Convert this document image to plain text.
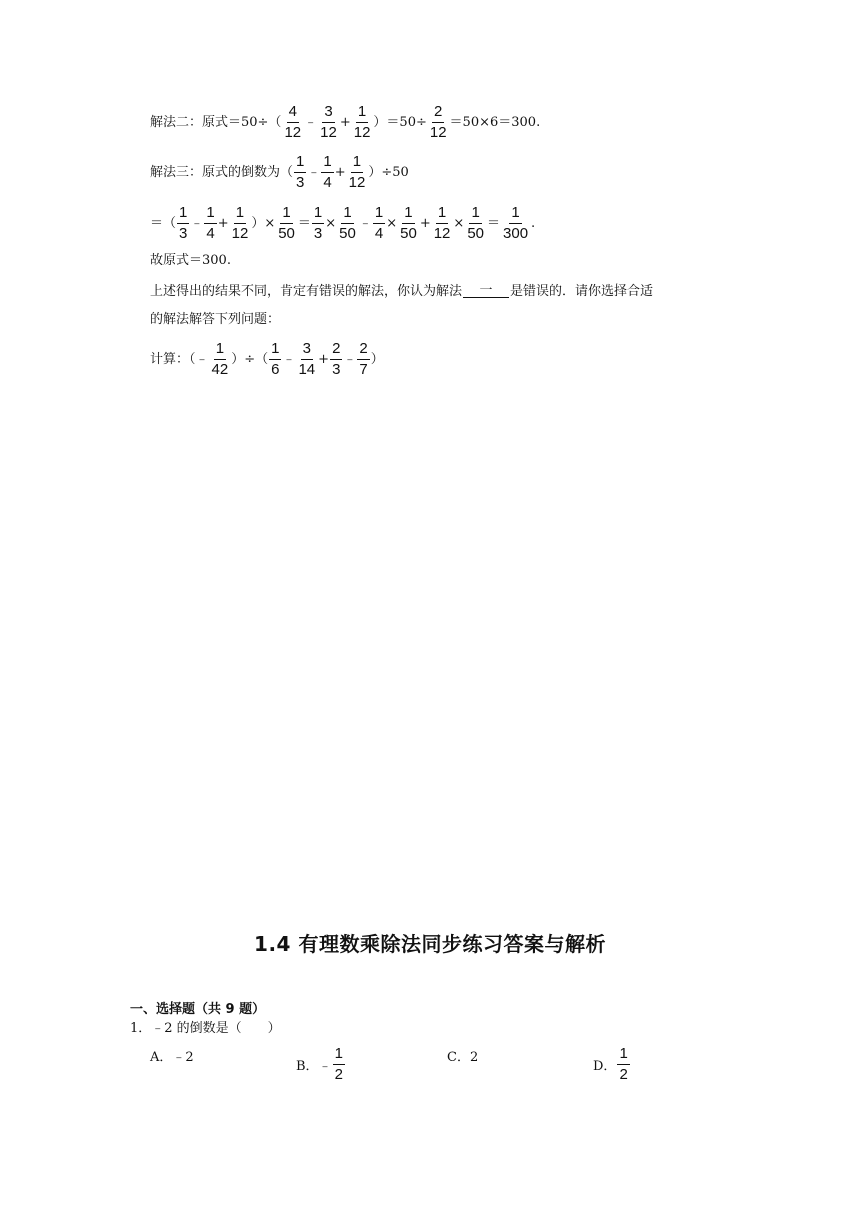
解法二：原式$=50\div( \frac{4}{12}$ ﹣ $\frac{3}{12} + \frac{1}{12} )=50\div \frac{2}{12} =50\times 6=300$.
解法三：原式的倒数为（ $\frac{1}{3}$ ﹣ $\frac{1}{4} + \frac{1}{12} )\div 50$
＝（ $\frac{1}{3}$ ﹣ $\frac{1}{4} + \frac{1}{12}$ ）× $\frac{1}{50} = \frac{1}{3} \times \frac{1}{50}$ ﹣ $\frac{1}{4} \times \frac{1}{50} + \frac{1}{12} \times \frac{1}{50} = \frac{1}{300}$ .
故原式＝300.
上述得出的结果不同，肯定有错误的解法，你认为解法	一	是错误的．请你选择合适
的解法解答下列问题：
计算：（﹣ $\frac{1}{42}$ ）÷（ $\frac{1}{6}$ ﹣ $\frac{3}{14} + \frac{2}{3}$ ﹣ $\frac{2}{7}$ ）
1.4 有理数乘除法同步练习答案与解析
一、选择题（共 9 题）
1．﹣2 的倒数是（　　）
A．﹣2
B．﹣ $\frac{1}{2}$	C．2
D． $\frac{1}{2}$
